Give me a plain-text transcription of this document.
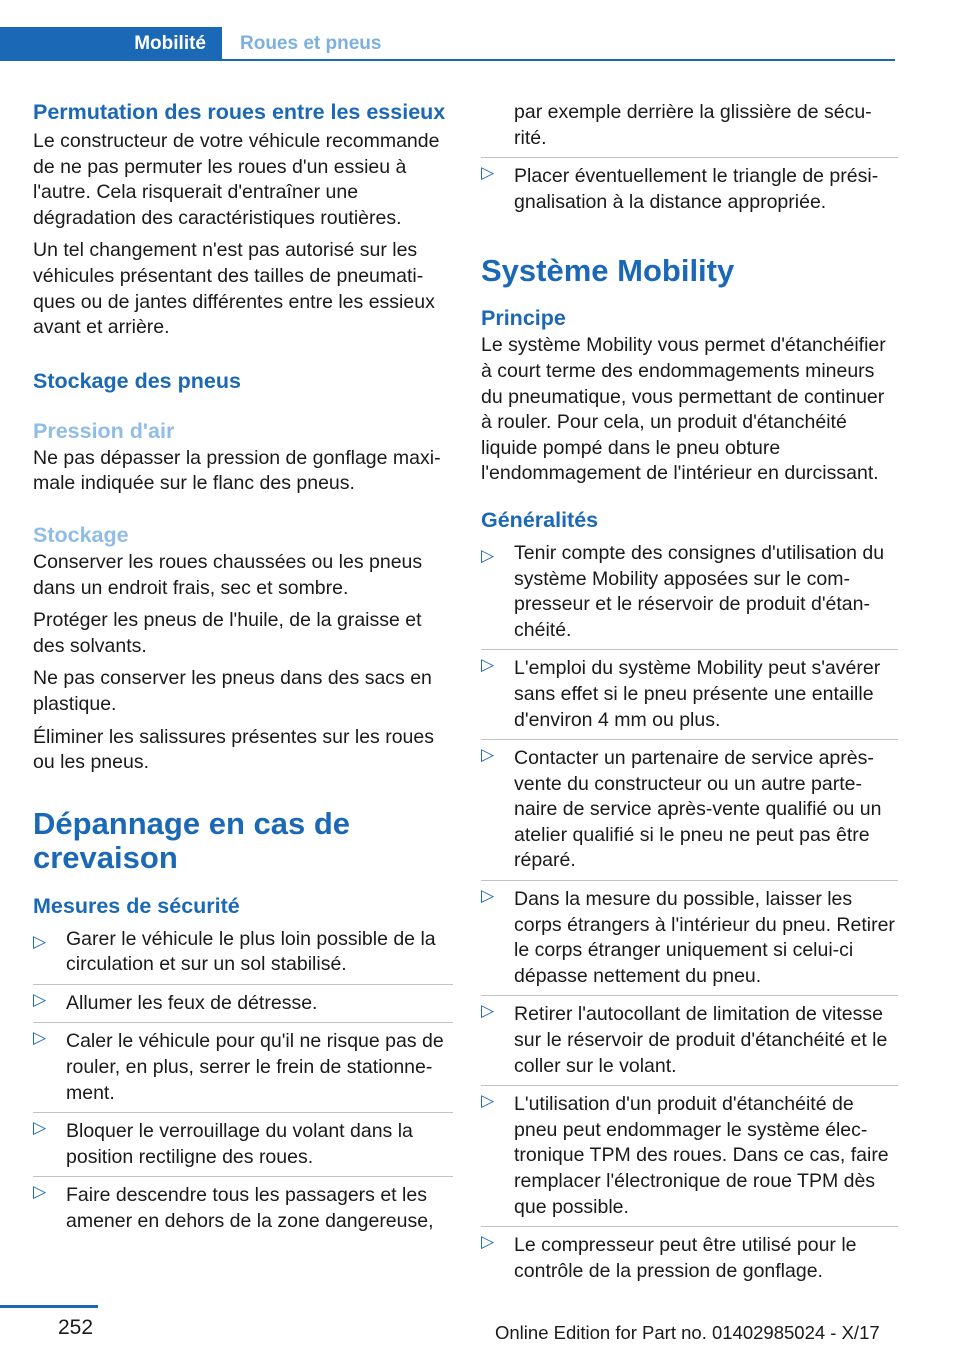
Mobilité	Roues et pneus
Permutation des roues entre les essieux

Le constructeur de votre véhicule recommande de ne pas permuter les roues d'un essieu à l'autre. Cela risquerait d'entraîner une dégradation des caractéristiques routières.

Un tel changement n'est pas autorisé sur les véhicules présentant des tailles de pneumatiques ou de jantes différentes entre les essieux avant et arrière.

Stockage des pneus
Pression d'air

Ne pas dépasser la pression de gonflage maximale indiquée sur le flanc des pneus.

Stockage

Conserver les roues chaussées ou les pneus dans un endroit frais, sec et sombre.

Protéger les pneus de l'huile, de la graisse et des solvants.

Ne pas conserver les pneus dans des sacs en plastique.

Éliminer les salissures présentes sur les roues ou les pneus.

Dépannage en cas de crevaison
Mesures de sécurité
▷ Garer le véhicule le plus loin possible de la circulation et sur un sol stabilisé.
▷ Allumer les feux de détresse.
▷ Caler le véhicule pour qu'il ne risque pas de rouler, en plus, serrer le frein de stationnement.
▷ Bloquer le verrouillage du volant dans la position rectiligne des roues.
▷ Faire descendre tous les passagers et les amener en dehors de la zone dangereuse,
par exemple derrière la glissière de sécurité.
▷ Placer éventuellement le triangle de présignalisation à la distance appropriée.
Système Mobility
Principe

Le système Mobility vous permet d'étanchéifier à court terme des endommagements mineurs du pneumatique, vous permettant de continuer à rouler. Pour cela, un produit d'étanchéité liquide pompé dans le pneu obture l'endommagement de l'intérieur en durcissant.

Généralités
▷ Tenir compte des consignes d'utilisation du système Mobility apposées sur le compresseur et le réservoir de produit d'étanchéité.
▷ L'emploi du système Mobility peut s'avérer sans effet si le pneu présente une entaille d'environ 4 mm ou plus.
▷ Contacter un partenaire de service après-vente du constructeur ou un autre partenaire de service après-vente qualifié ou un atelier qualifié si le pneu ne peut pas être réparé.
▷ Dans la mesure du possible, laisser les corps étrangers à l'intérieur du pneu. Retirer le corps étranger uniquement si celui-ci dépasse nettement du pneu.
▷ Retirer l'autocollant de limitation de vitesse sur le réservoir de produit d'étanchéité et le coller sur le volant.
▷ L'utilisation d'un produit d'étanchéité de pneu peut endommager le système électronique TPM des roues. Dans ce cas, faire remplacer l'électronique de roue TPM dès que possible.
▷ Le compresseur peut être utilisé pour le contrôle de la pression de gonflage.
252	Online Edition for Part no. 01402985024 - X/17
